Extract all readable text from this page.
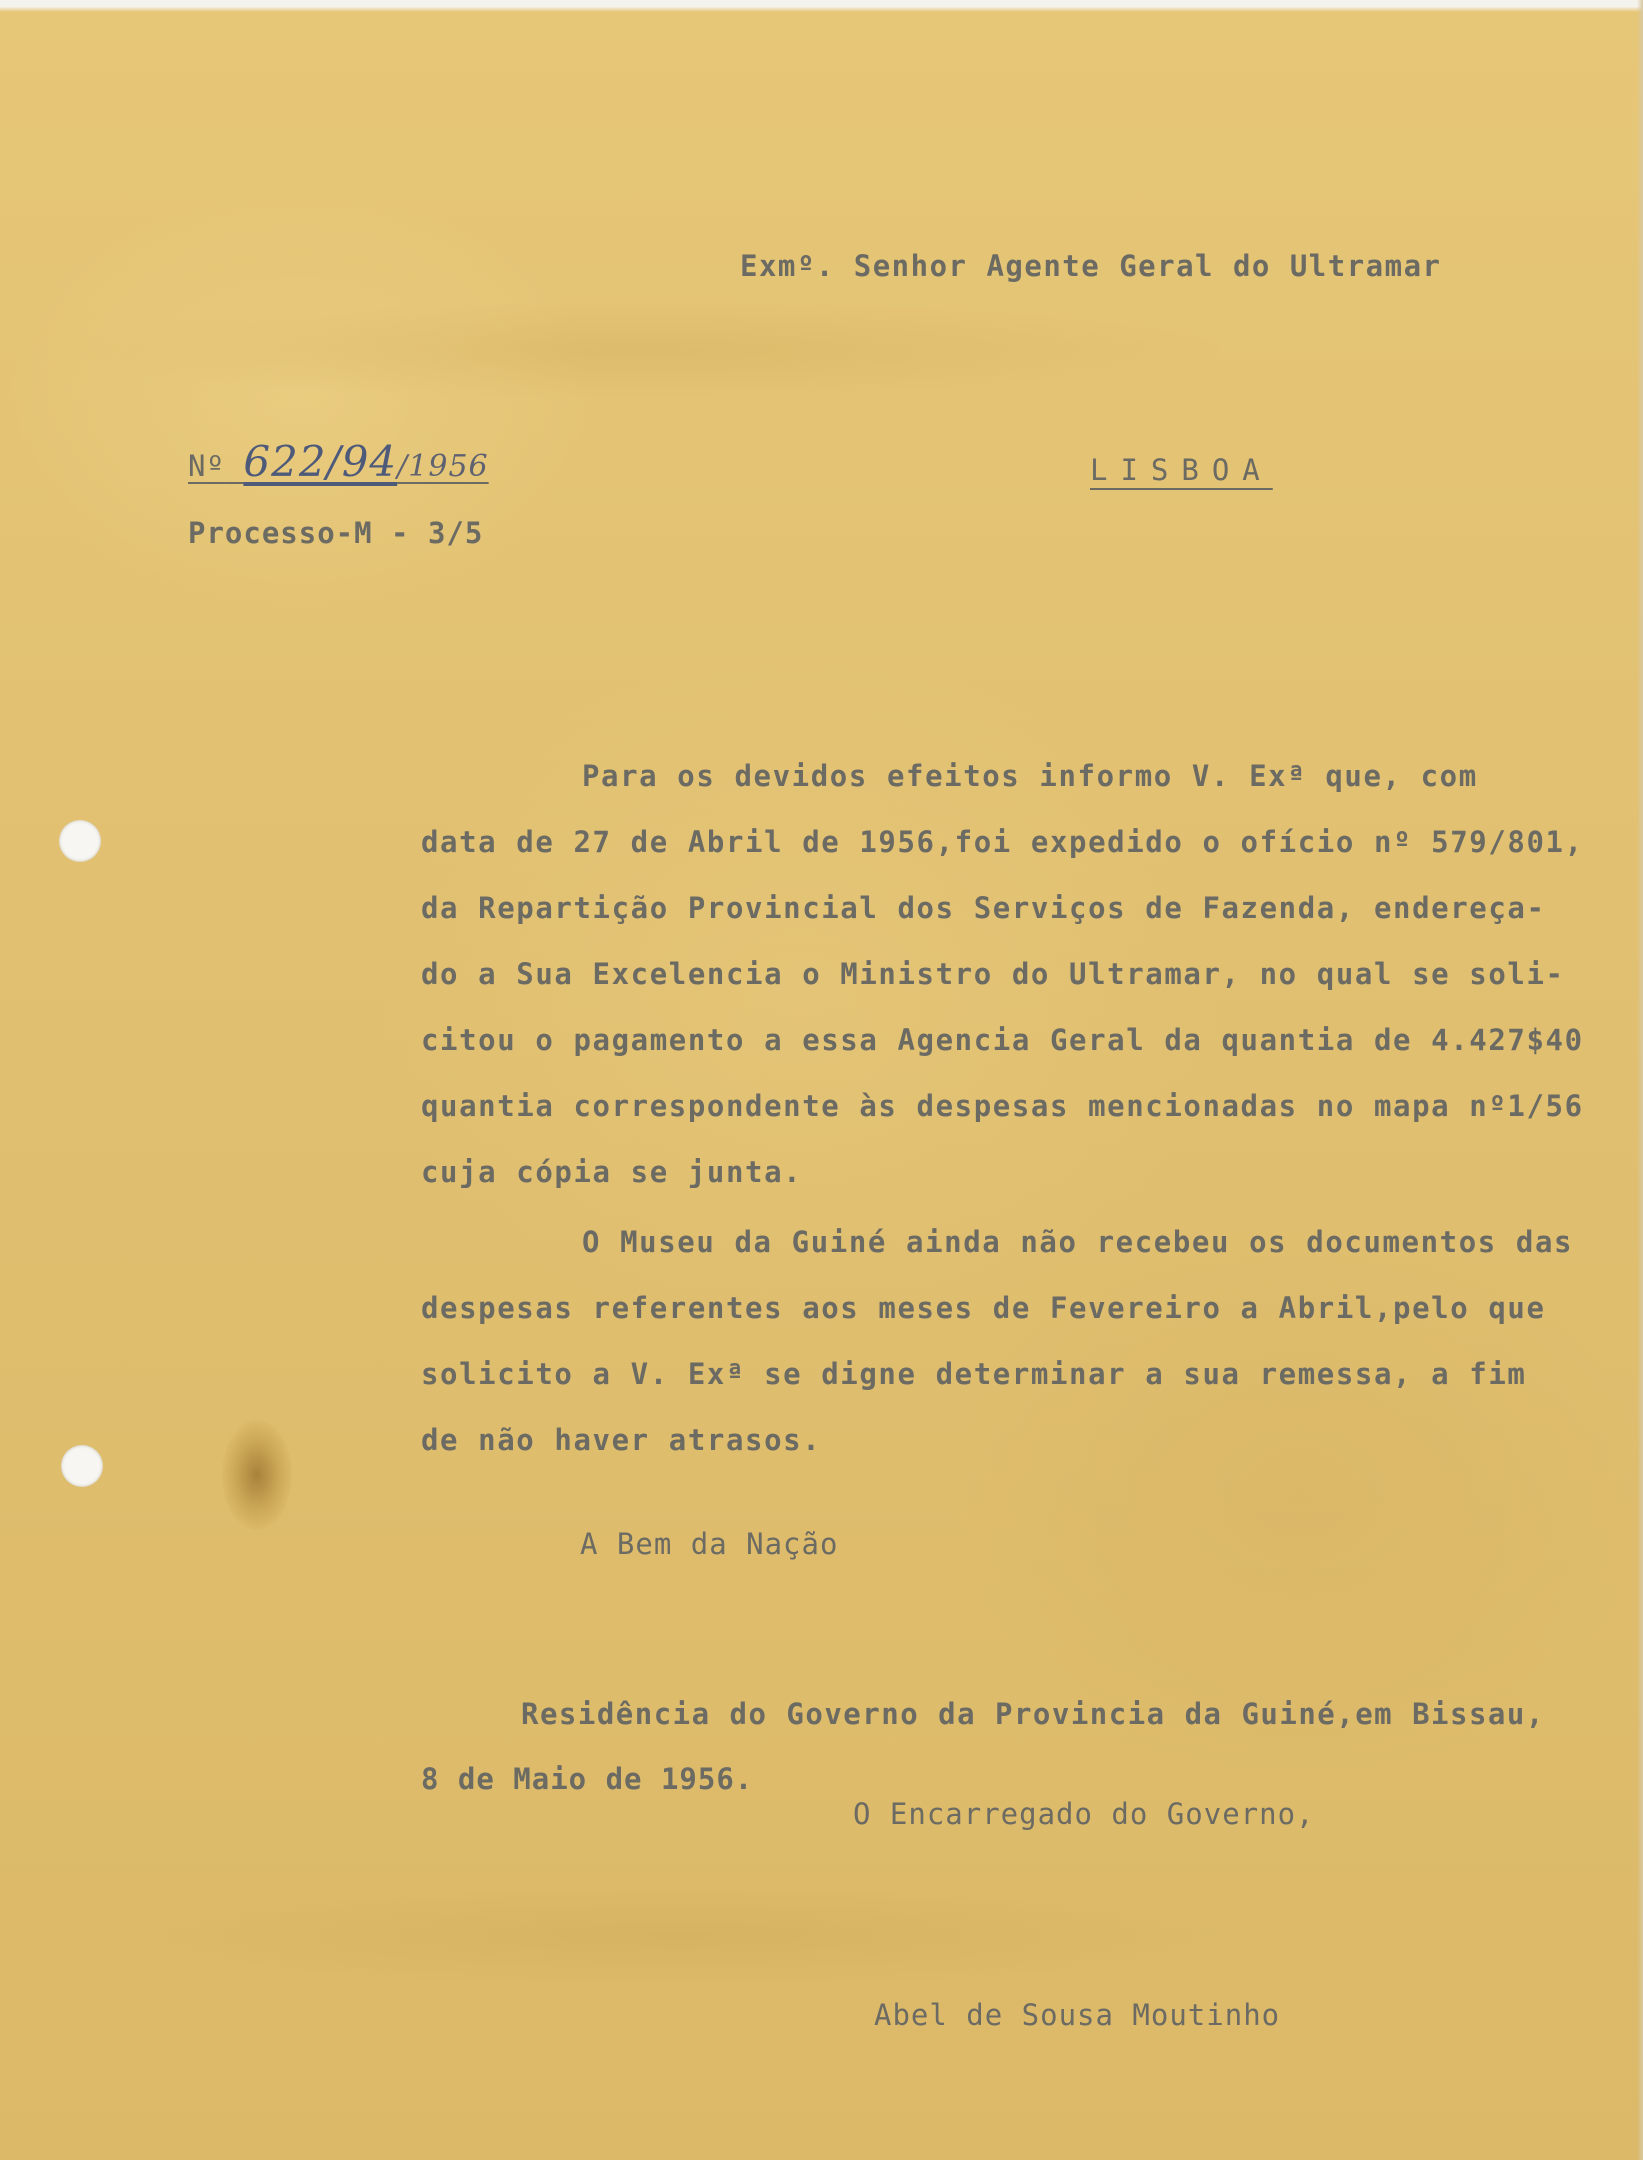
Exmº. Senhor Agente Geral do Ultramar
Nº 622/94/1956	LISBOA
Processo-M - 3/5
Para os devidos efeitos informo V. Exª que, com
data de 27 de Abril de 1956,foi expedido o ofício nº 579/801,
da Repartição Provincial dos Serviços de Fazenda, endereça-
do a Sua Excelencia o Ministro do Ultramar, no qual se soli-
citou o pagamento a essa Agencia Geral da quantia de 4.427$40
quantia correspondente às despesas mencionadas no mapa nº1/56
cuja cópia se junta.
O Museu da Guiné ainda não recebeu os documentos das
despesas referentes aos meses de Fevereiro a Abril,pelo que
solicito a V. Exª se digne determinar a sua remessa, a fim
de não haver atrasos.
A Bem da Nação
Residência do Governo da Provincia da Guiné,em Bissau,
8 de Maio de 1956.
O Encarregado do Governo,
Abel de Sousa Moutinho
